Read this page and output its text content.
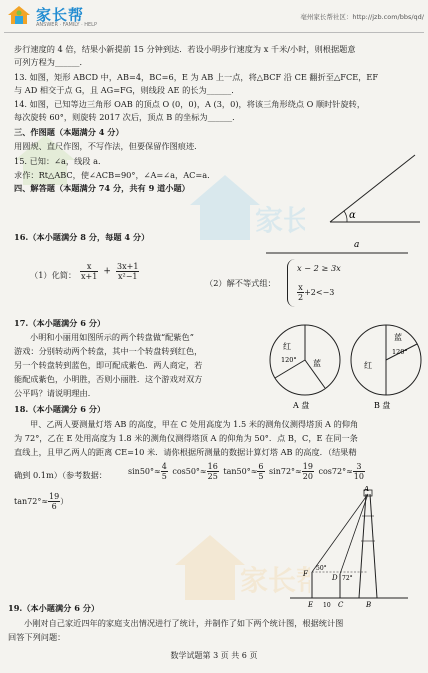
家长帮
ANSWER · FAMILY · HELP
亳州家长帮社区：http://jzb.com/bbs/qd/
家长
家长
步行速度的 4 倍，结果小新提前 15 分钟到达．若设小明步行速度为 x 千米/小时，则根据题意
可列方程为______．
13. 如图，矩形 ABCD 中，AB=4，BC=6，E 为 AB 上一点，将△BCF 沿 CE 翻折至△FCE，EF
与 AD 相交于点 G，且 AG=FG，则线段 AE 的长为______．
14. 如图，已知等边三角形 OAB 的顶点 O (0，0)，A (3，0)，将该三角形绕点 O 顺时针旋转，
每次旋转 60°，则旋转 2017 次后，顶点 B 的坐标为______．
三、作图题（本题满分 4 分）
用圆规、直尺作图，不写作法，但要保留作图痕迹．
15. 已知：∠a，线段 a．
求作：Rt△ABC，使∠ACB=90°，∠A=∠a，AC=a．
四、解答题（本题满分 74 分，共有 9 道小题）
α
a
16.（本小题满分 8 分，每题 4 分）
（1）化简： $\frac{x}{x+1} + \frac{3x+1}{\text{x²−1}}$
（2）解不等式组：
x − 2 ≥ 3x
$\frac{x}{2} +2<-3$
17.（本小题满分 6 分）
小明和小丽用如图所示的两个转盘做“配紫色”
游戏：分别转动两个转盘，其中一个转盘转到红色，
另一个转盘转到蓝色，即可配成紫色．两人商定，若
能配成紫色，小明胜，否则小丽胜．这个游戏对双方
公平吗？请说明理由．
红
120° 蓝
A 盘
蓝
120°
红
B 盘
18.（本小题满分 6 分）
甲、乙两人要测量灯塔 AB 的高度，甲在 C 处用高度为 1.5 米的测角仪测得塔顶 A 的仰角
为 72°，乙在 E 处用高度为 1.8 米的测角仪测得塔顶 A 的仰角为 50°．点 B，C，E 在同一条
直线上，且甲乙两人的距离 CE=10 米．请你根据所测量的数据计算灯塔 AB 的高度．（结果精
确到 0.1m）（参考数据：	$\sin 50^\circ\approx \frac{4}{5} \cos 50^\circ\approx \frac{16}{25} \tan 50^\circ\approx \frac{6}{5} \sin 72^\circ\approx \frac{19}{20} \cos 72^\circ\approx \frac{3}{10}$
$\tan 72^\circ\approx \frac{19}{6}$ ）
A
F	D
50°
72°
E 10 C	B
19.（本小题满分 6 分）
小刚对自己家近四年的家庭支出情况进行了统计，并制作了如下两个统计图，根据统计图
回答下列问题：
数学试题第 3 页 共 6 页
